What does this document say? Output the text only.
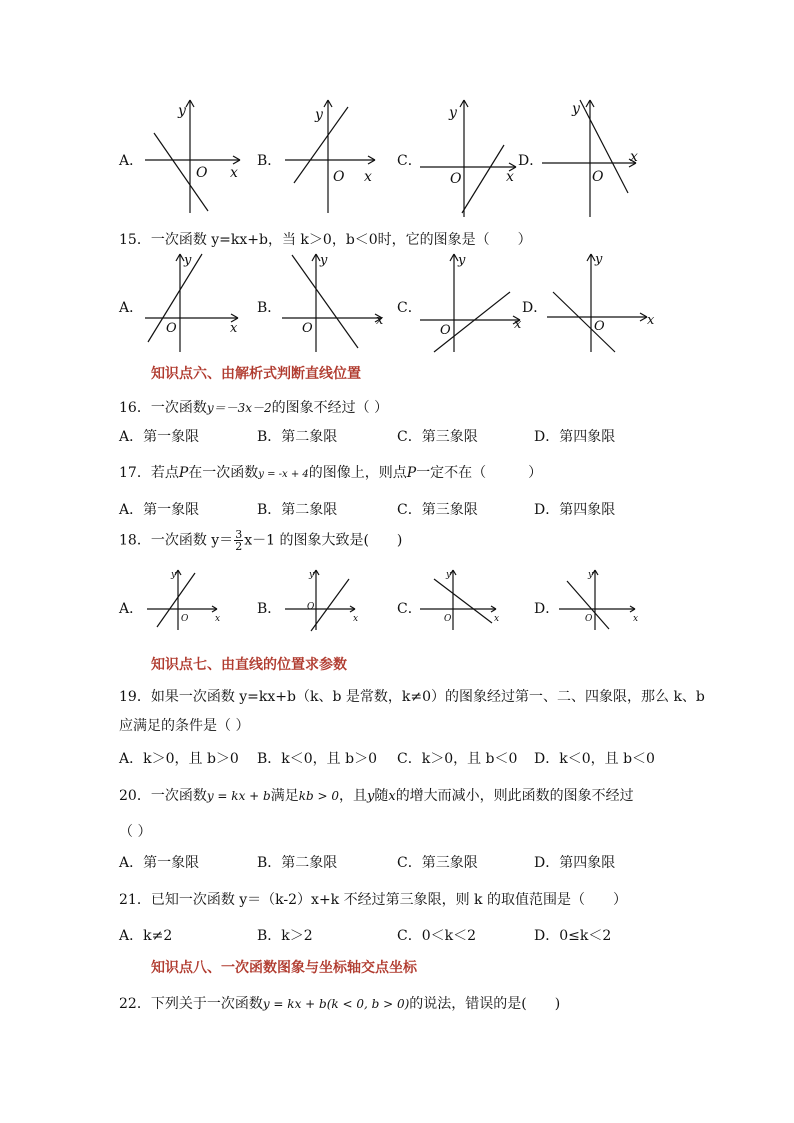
A．	B．	C．	D．
y
x
O
y
x
O
y
x
O
y
x
O
15．一次函数 y=kx+b，当 k＞0，b＜0时，它的图象是（　　）
A．	B．	C．	D．
y
x
O
y
x
O
y
x
O
y
x
O
知识点六、由解析式判断直线位置
16．一次函数y＝－3x－2的图象不经过（ ）
A．第一象限	B．第二象限	C．第三象限	D．第四象限
17．若点P在一次函数y = -x + 4的图像上，则点P一定不在（　　　）
A．第一象限	B．第二象限	C．第三象限	D．第四象限
18．一次函数 $y= \frac{3}{2} x-1$ 的图象大致是(　　)
A．	B．	C．	D．
y
x
O
y
x
O
y
x
O
y
x
O
知识点七、由直线的位置求参数
19．如果一次函数 y=kx+b（k、b 是常数，k≠0）的图象经过第一、二、四象限，那么 k、b
应满足的条件是（ ）
A．k＞0，且 b＞0 B．k＜0，且 b＞0 C．k＞0，且 b＜0 D．k＜0，且 b＜0
20．一次函数y = kx + b满足kb > 0，且y随x的增大而减小，则此函数的图象不经过
（ ）
A．第一象限	B．第二象限	C．第三象限	D．第四象限
21．已知一次函数 y＝（k-2）x+k 不经过第三象限，则 k 的取值范围是（　　）
A．k≠2	B．k＞2	C．0＜k＜2	D．0≤k＜2
知识点八、一次函数图象与坐标轴交点坐标
22．下列关于一次函数y = kx + b(k < 0, b > 0)的说法，错误的是(　　)
